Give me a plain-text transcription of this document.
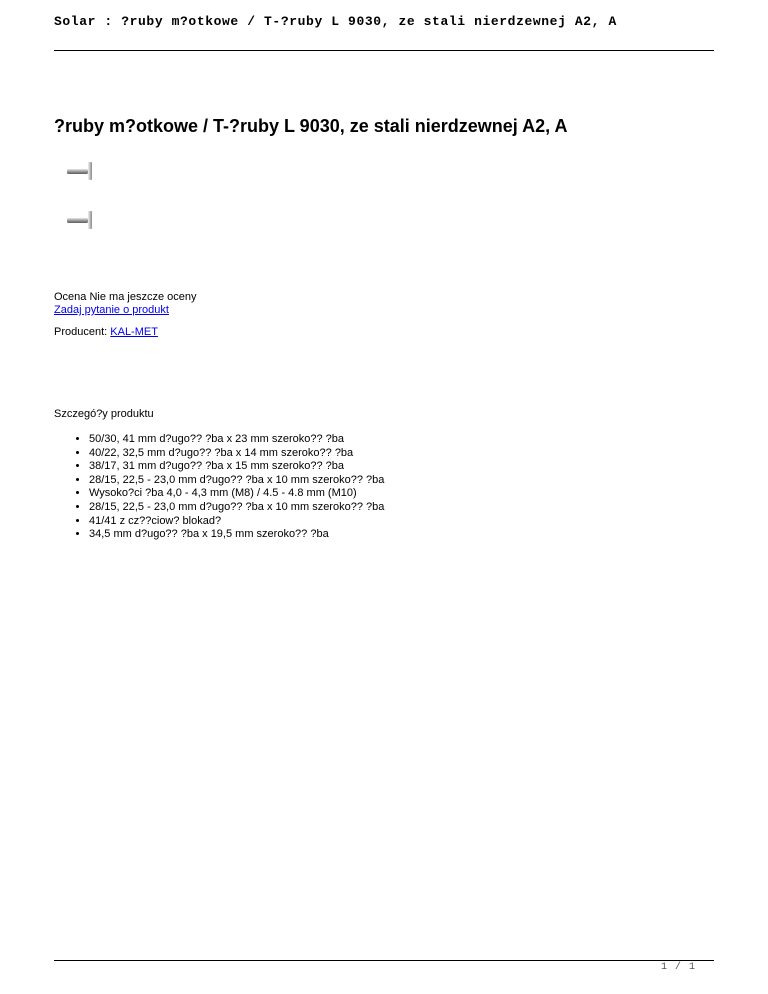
Solar : ?ruby m?otkowe / T-?ruby L 9030, ze stali nierdzewnej A2, A
?ruby m?otkowe / T-?ruby L 9030, ze stali nierdzewnej A2, A
Ocena Nie ma jeszcze oceny
Zadaj pytanie o produkt
Producent: KAL-MET
Szczegó?y produktu
• 50/30, 41 mm d?ugo?? ?ba x 23 mm szeroko?? ?ba
• 40/22, 32,5 mm d?ugo?? ?ba x 14 mm szeroko?? ?ba
• 38/17, 31 mm d?ugo?? ?ba x 15 mm szeroko?? ?ba
• 28/15, 22,5 - 23,0 mm d?ugo?? ?ba x 10 mm szeroko?? ?ba
• Wysoko?ci ?ba 4,0 - 4,3 mm (M8) / 4.5 - 4.8 mm (M10)
• 28/15, 22,5 - 23,0 mm d?ugo?? ?ba x 10 mm szeroko?? ?ba
• 41/41 z cz??ciow? blokad?
• 34,5 mm d?ugo?? ?ba x 19,5 mm szeroko?? ?ba
1 / 1
